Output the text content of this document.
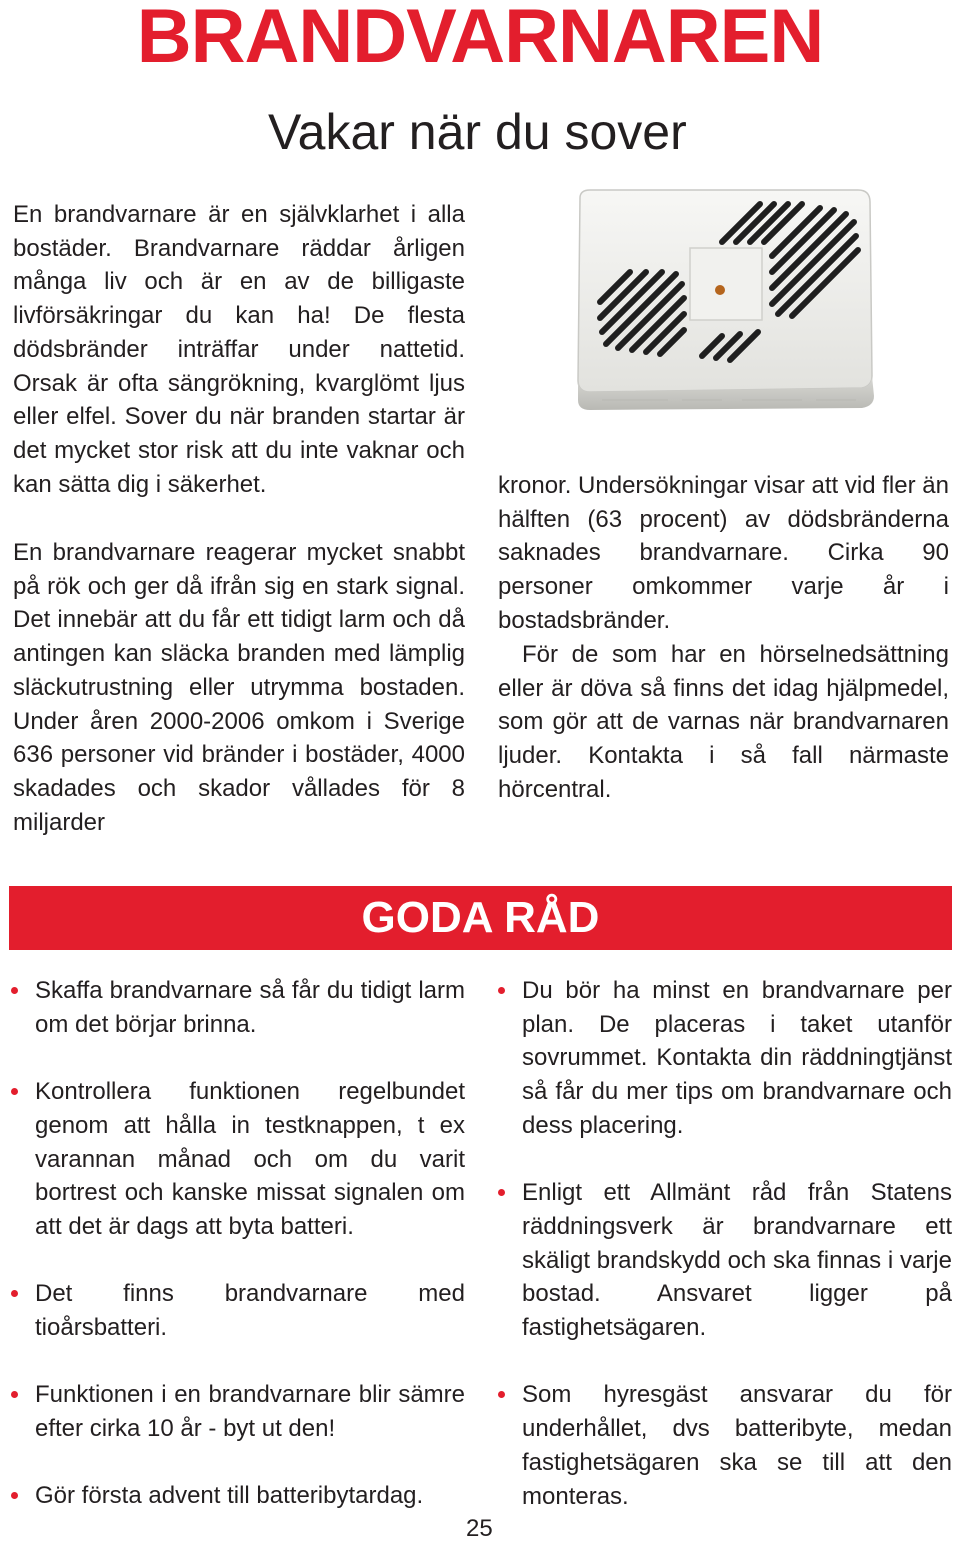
BRANDVARNAREN
Vakar när du sover

En brandvarnare är en självklarhet i alla bostäder. Brandvarnare räddar årligen många liv och är en av de billigaste livförsäkringar du kan ha! De flesta dödsbränder inträffar under nattetid. Orsak är ofta sängrökning, kvarglömt ljus eller elfel. Sover du när branden startar är det mycket stor risk att du inte vaknar och kan sätta dig i säkerhet.

En brandvarnare reagerar mycket snabbt på rök och ger då ifrån sig en stark signal. Det innebär att du får ett tidigt larm och då antingen kan släcka branden med lämplig släckutrustning eller utrymma bostaden. Under åren 2000-2006 omkom i Sverige 636 personer vid bränder i bostäder, 4000 skadades och skador vållades för 8 miljarder

kronor. Undersökningar visar att vid fler än hälften (63 procent) av dödsbränderna saknades brandvarnare. Cirka 90 personer omkommer varje år i bostadsbränder.

För de som har en hörselnedsättning eller är döva så finns det idag hjälpmedel, som gör att de varnas när brandvarnaren ljuder. Kontakta i så fall närmaste hörcentral.

GODA RÅD
Skaffa brandvarnare så får du tidigt larm om det börjar brinna.
Kontrollera funktionen regelbundet genom att hålla in testknappen, t ex varannan månad och om du varit bortrest och kanske missat signalen om att det är dags att byta batteri.
Det finns brandvarnare med tioårsbatteri.
Funktionen i en brandvarnare blir sämre efter cirka 10 år - byt ut den!
Gör första advent till batteribytardag.
Du bör ha minst en brandvarnare per plan. De placeras i taket utanför sovrummet. Kontakta din räddningtjänst så får du mer tips om brandvarnare och dess placering.
Enligt ett Allmänt råd från Statens räddningsverk är brandvarnare ett skäligt brandskydd och ska finnas i varje bostad. Ansvaret ligger på fastighetsägaren.
Som hyresgäst ansvarar du för underhållet, dvs batteribyte, medan fastighetsägaren ska se till att den monteras.
25
